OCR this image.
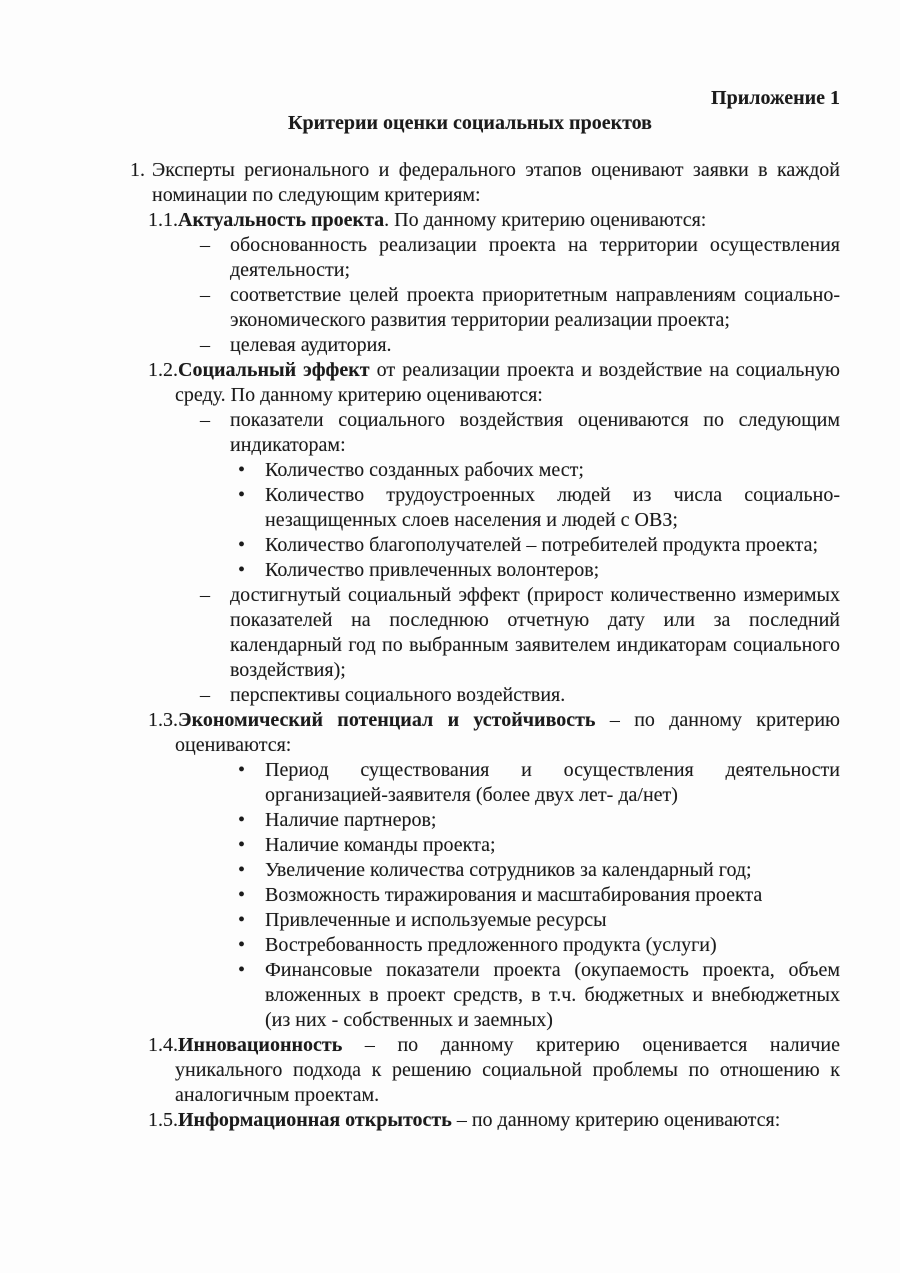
Приложение 1
Критерии оценки социальных проектов

1. Эксперты регионального и федерального этапов оценивают заявки в каждой номинации по следующим критериям:

1.1.Актуальность проекта. По данному критерию оцениваются:

– обоснованность реализации проекта на территории осуществления деятельности;

– соответствие целей проекта приоритетным направлениям социально-экономического развития территории реализации проекта;

– целевая аудитория.

1.2.Социальный эффект от реализации проекта и воздействие на социальную среду. По данному критерию оцениваются:

– показатели социального воздействия оцениваются по следующим индикаторам:

• Количество созданных рабочих мест;

• Количество трудоустроенных людей из числа социально-незащищенных слоев населения и людей с ОВЗ;

• Количество благополучателей – потребителей продукта проекта;

• Количество привлеченных волонтеров;

– достигнутый социальный эффект (прирост количественно измеримых показателей на последнюю отчетную дату или за последний календарный год по выбранным заявителем индикаторам социального воздействия);

– перспективы социального воздействия.

1.3.Экономический потенциал и устойчивость – по данному критерию оцениваются:

• Период существования и осуществления деятельности организацией-заявителя (более двух лет- да/нет)

• Наличие партнеров;

• Наличие команды проекта;

• Увеличение количества сотрудников за календарный год;

• Возможность тиражирования и масштабирования проекта

• Привлеченные и используемые ресурсы

• Востребованность предложенного продукта (услуги)

• Финансовые показатели проекта (окупаемость проекта, объем вложенных в проект средств, в т.ч. бюджетных и внебюджетных (из них - собственных и заемных)

1.4.Инновационность – по данному критерию оценивается наличие уникального подхода к решению социальной проблемы по отношению к аналогичным проектам.

1.5.Информационная открытость – по данному критерию оцениваются:
